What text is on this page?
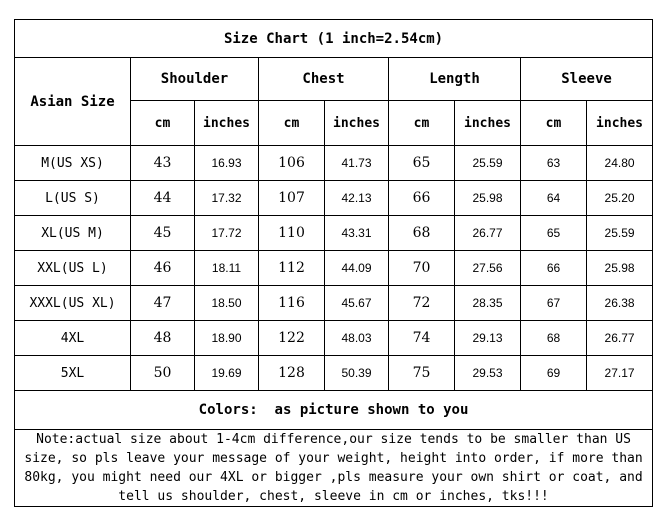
Size Chart (1 inch=2.54cm)								
Asian Size	Shoulder		Chest		Length		Sleeve	
	cm	inches	cm	inches	cm	inches	cm	inches
M(US XS)	43	16.93	106	41.73	65	25.59	63	24.80
L(US S)	44	17.32	107	42.13	66	25.98	64	25.20
XL(US M)	45	17.72	110	43.31	68	26.77	65	25.59
XXL(US L)	46	18.11	112	44.09	70	27.56	66	25.98
XXXL(US XL)	47	18.50	116	45.67	72	28.35	67	26.38
4XL	48	18.90	122	48.03	74	29.13	68	26.77
5XL	50	19.69	128	50.39	75	29.53	69	27.17
Colors:  as picture shown to you								
Note:actual size about 1-4cm difference,our size tends to be smaller than US size, so pls leave your message of your weight, height into order, if more than 80kg, you might need our 4XL or bigger ,pls measure your own shirt or coat, and tell us shoulder, chest, sleeve in cm or inches, tks!!!								
